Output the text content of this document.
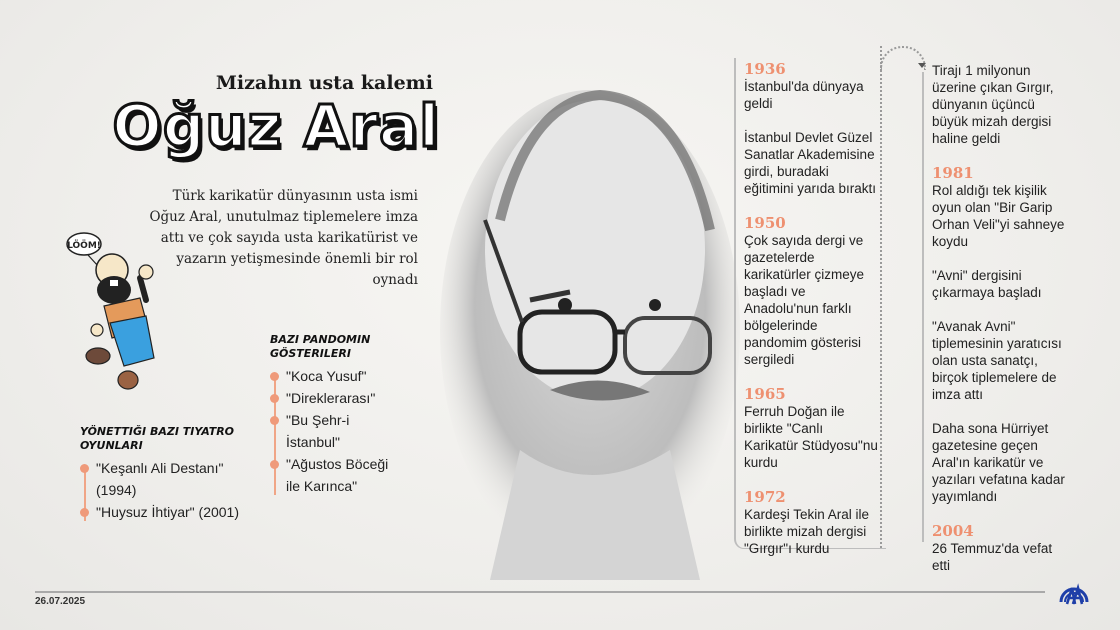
Mizahın usta kalemi
Oğuz Aral
Türk karikatür dünyasının usta ismi Oğuz Aral, unutulmaz tiplemelere imza attı ve çok sayıda usta karikatürist ve yazarın yetişmesinde önemli bir rol oynadı
LÖÖM!
YÖNETTIĞI BAZI TIYATRO OYUNLARI
"Keşanlı Ali Destanı" (1994)
"Huysuz İhtiyar" (2001)
BAZI PANDOMIN GÖSTERILERI
"Koca Yusuf"
"Direklerarası"
"Bu Şehr-i İstanbul"
"Ağustos Böceği ile Karınca"
1936
İstanbul'da dünyaya geldi
İstanbul Devlet Güzel Sanatlar Akademisine girdi, buradaki eğitimini yarıda bıraktı
1950
Çok sayıda dergi ve gazetelerde karikatürler çizmeye başladı ve Anadolu'nun farklı bölgelerinde pandomim gösterisi sergiledi
1965
Ferruh Doğan ile birlikte "Canlı Karikatür Stüdyosu"nu kurdu
1972
Kardeşi Tekin Aral ile birlikte mizah dergisi "Gırgır"ı kurdu
Tirajı 1 milyonun üzerine çıkan Gırgır, dünyanın üçüncü büyük mizah dergisi haline geldi
1981
Rol aldığı tek kişilik oyun olan "Bir Garip Orhan Veli"yi sahneye koydu
"Avni" dergisini çıkarmaya başladı
"Avanak Avni" tiplemesinin yaratıcısı olan usta sanatçı, birçok tiplemelere de imza attı
Daha sona Hürriyet gazetesine geçen Aral'ın karikatür ve yazıları vefatına kadar yayımlandı
2004
26 Temmuz'da vefat etti
26.07.2025
